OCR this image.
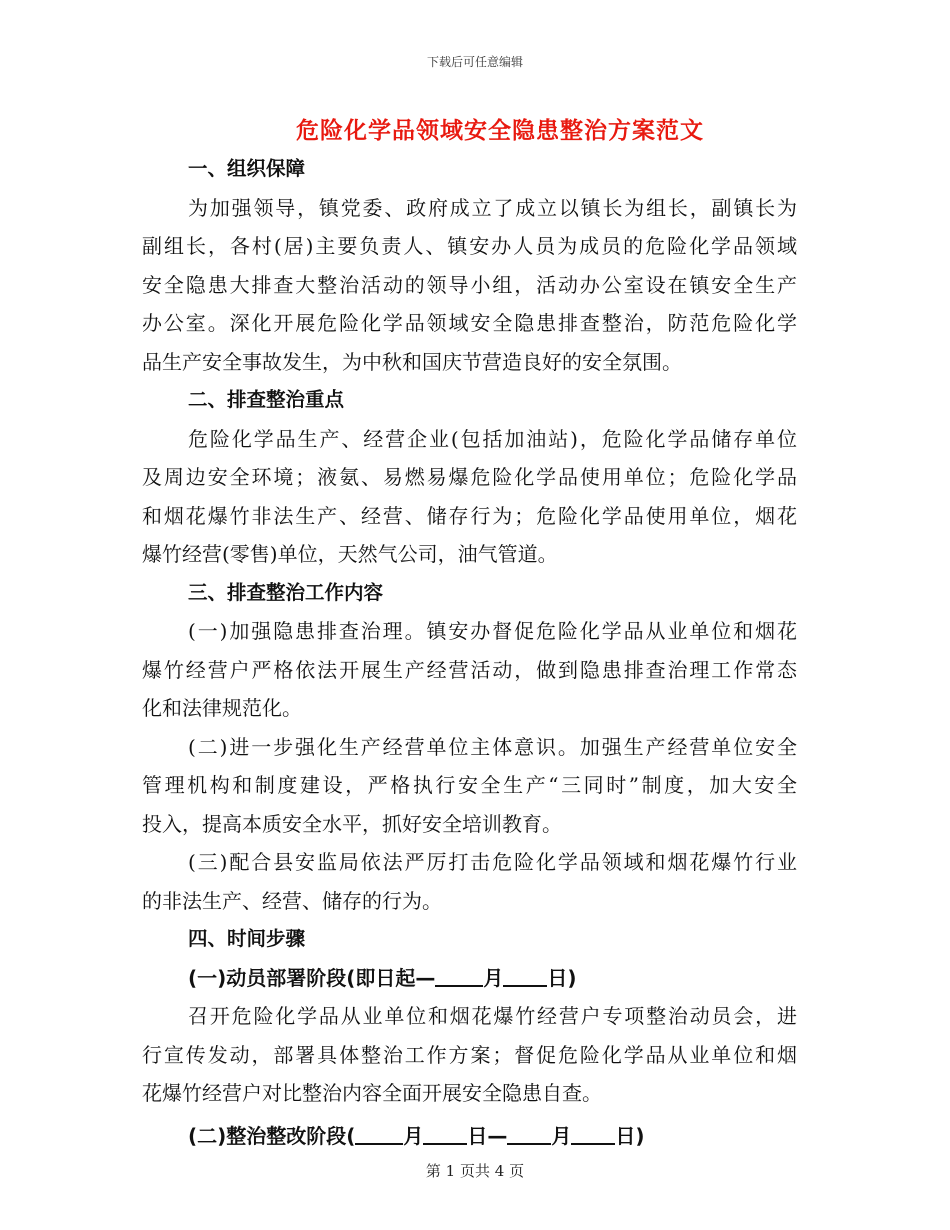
下载后可任意编辑
危险化学品领域安全隐患整治方案范文
一、组织保障
为加强领导，镇党委、政府成立了成立以镇长为组长，副镇长为
副组长，各村(居)主要负责人、镇安办人员为成员的危险化学品领域
安全隐患大排查大整治活动的领导小组，活动办公室设在镇安全生产
办公室。深化开展危险化学品领域安全隐患排查整治，防范危险化学
品生产安全事故发生，为中秋和国庆节营造良好的安全氛围。
二、排查整治重点
危险化学品生产、经营企业(包括加油站)，危险化学品储存单位
及周边安全环境；液氨、易燃易爆危险化学品使用单位；危险化学品
和烟花爆竹非法生产、经营、储存行为；危险化学品使用单位，烟花
爆竹经营(零售)单位，天然气公司，油气管道。
三、排查整治工作内容
(一)加强隐患排查治理。镇安办督促危险化学品从业单位和烟花
爆竹经营户严格依法开展生产经营活动，做到隐患排查治理工作常态
化和法律规范化。
(二)进一步强化生产经营单位主体意识。加强生产经营单位安全
管理机构和制度建设，严格执行安全生产“三同时”制度，加大安全
投入，提高本质安全水平，抓好安全培训教育。
(三)配合县安监局依法严厉打击危险化学品领域和烟花爆竹行业
的非法生产、经营、储存的行为。
四、时间步骤
(一)动员部署阶段(即日起— 月 日)
召开危险化学品从业单位和烟花爆竹经营户专项整治动员会，进
行宣传发动，部署具体整治工作方案；督促危险化学品从业单位和烟
花爆竹经营户对比整治内容全面开展安全隐患自查。
(二)整治整改阶段( 月 日— 月 日)
第 1 页共 4 页
